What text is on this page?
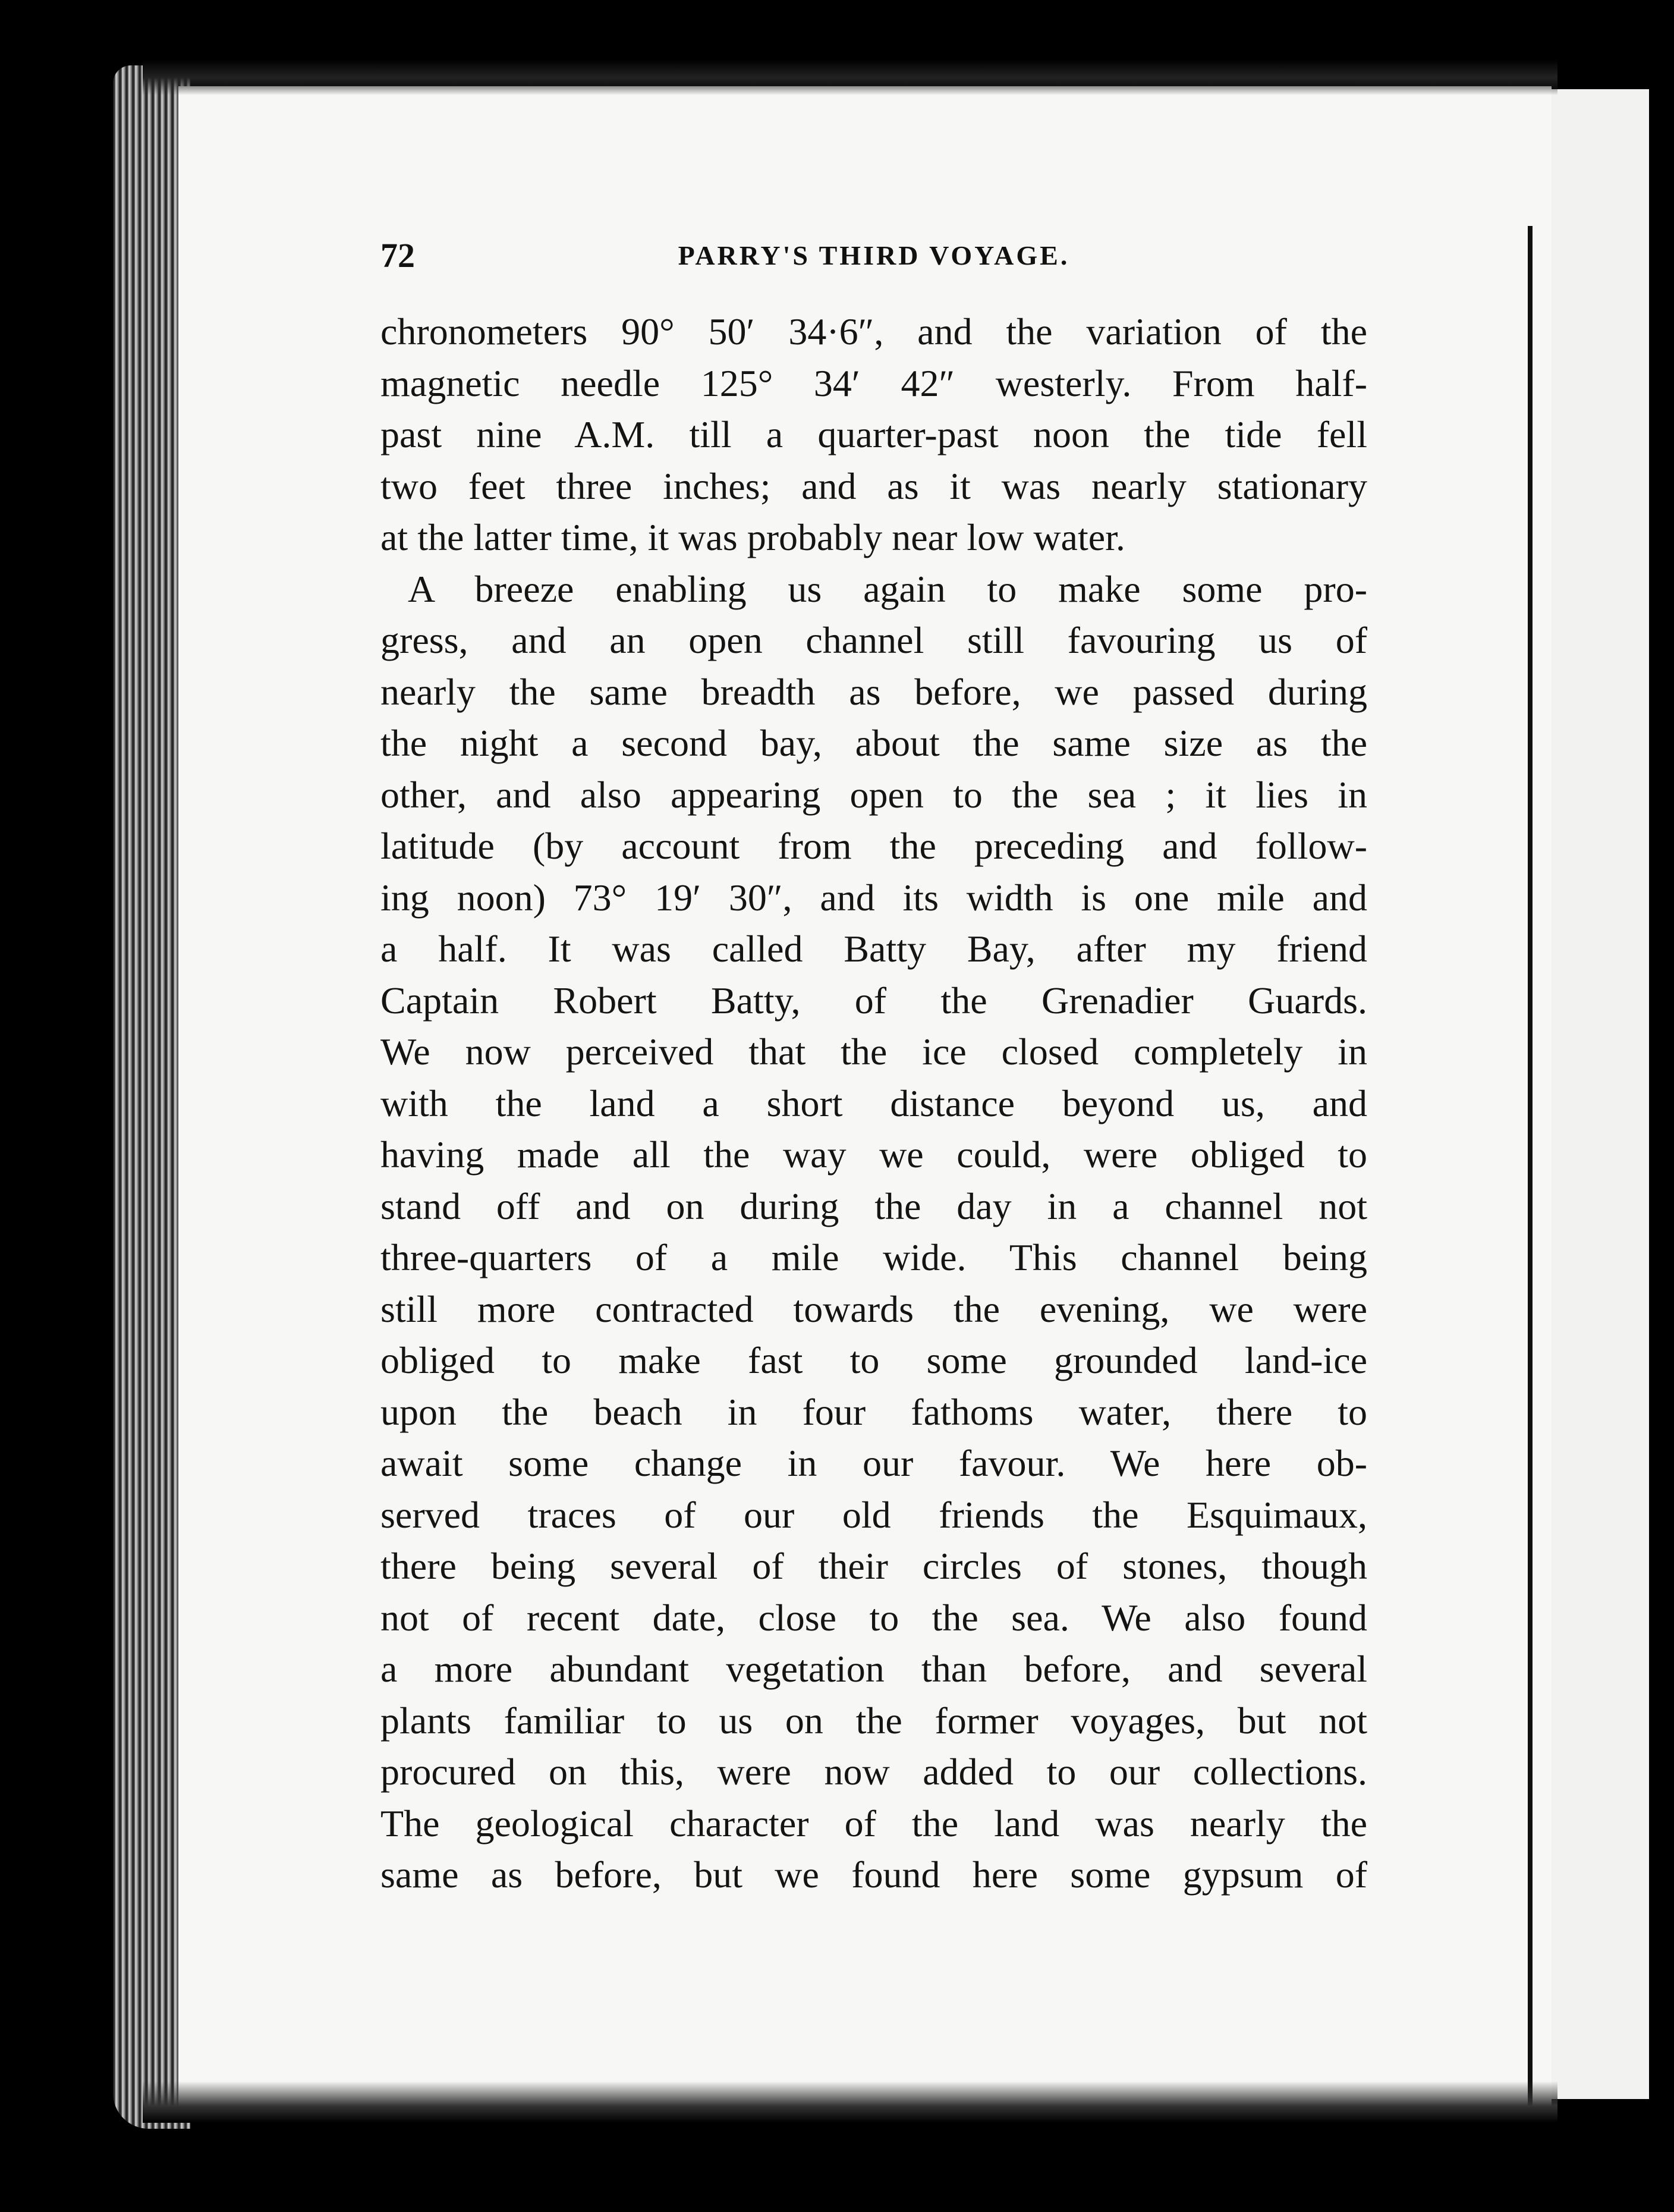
72	PARRY'S THIRD VOYAGE.
chronometers 90° 50′ 34·6″, and the variation of the
magnetic needle 125° 34′ 42″ westerly. From half-
past nine A.M. till a quarter-past noon the tide fell
two feet three inches; and as it was nearly stationary
at the latter time, it was probably near low water.
A breeze enabling us again to make some pro-
gress, and an open channel still favouring us of
nearly the same breadth as before, we passed during
the night a second bay, about the same size as the
other, and also appearing open to the sea ; it lies in
latitude (by account from the preceding and follow-
ing noon) 73° 19′ 30″, and its width is one mile and
a half. It was called Batty Bay, after my friend
Captain Robert Batty, of the Grenadier Guards.
We now perceived that the ice closed completely in
with the land a short distance beyond us, and
having made all the way we could, were obliged to
stand off and on during the day in a channel not
three-quarters of a mile wide. This channel being
still more contracted towards the evening, we were
obliged to make fast to some grounded land-ice
upon the beach in four fathoms water, there to
await some change in our favour. We here ob-
served traces of our old friends the Esquimaux,
there being several of their circles of stones, though
not of recent date, close to the sea. We also found
a more abundant vegetation than before, and several
plants familiar to us on the former voyages, but not
procured on this, were now added to our collections.
The geological character of the land was nearly the
same as before, but we found here some gypsum of
